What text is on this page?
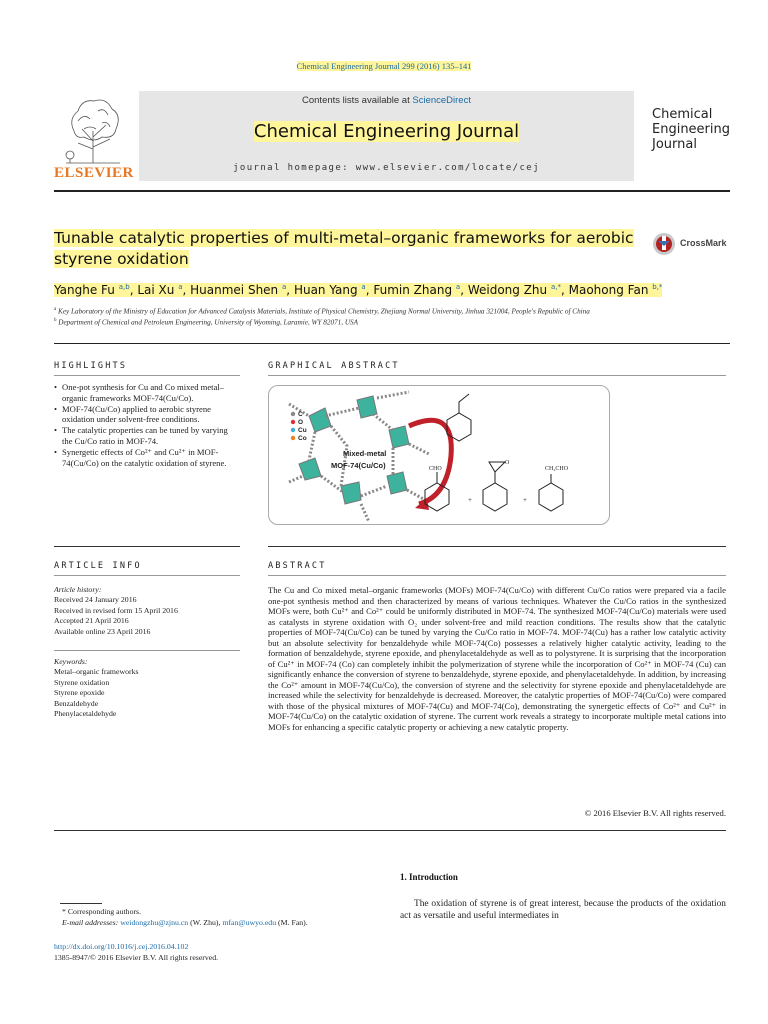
Chemical Engineering Journal 299 (2016) 135–141
ELSEVIER
Contents lists available at ScienceDirect
Chemical Engineering Journal
journal homepage: www.elsevier.com/locate/cej
Chemical
Engineering
Journal
Tunable catalytic properties of multi-metal–organic frameworks for aerobic styrene oxidation
CrossMark
Yanghe Fu $^{a,b}$, Lai Xu $^a$, Huanmei Shen $^a$, Huan Yang $^a$, Fumin Zhang $^a$, Weidong Zhu $^{a,*}$, Maohong Fan $^{b,*}$
$^a$ Key Laboratory of the Ministry of Education for Advanced Catalysis Materials, Institute of Physical Chemistry, Zhejiang Normal University, Jinhua 321004, People's Republic of China
$^b$ Department of Chemical and Petroleum Engineering, University of Wyoming, Laramie, WY 82071, USA
HIGHLIGHTS
• One-pot synthesis for Cu and Co mixed metal–organic frameworks MOF-74(Cu/Co).
• MOF-74(Cu/Co) applied to aerobic styrene oxidation under solvent-free conditions.
• The catalytic properties can be tuned by varying the Cu/Co ratio in MOF-74.
• Synergetic effects of Co²⁺ and Cu²⁺ in MOF-74(Cu/Co) on the catalytic oxidation of styrene.
GRAPHICAL ABSTRACT
C
O
Cu
Co
Mixed-metal
MOF-74(Cu/Co)	CHO
+
O
+
CH₂CHO
ARTICLE INFO
Article history:
Received 24 January 2016
Received in revised form 15 April 2016
Accepted 21 April 2016
Available online 23 April 2016
Keywords:
Metal–organic frameworks
Styrene oxidation
Styrene epoxide
Benzaldehyde
Phenylacetaldehyde
ABSTRACT
The Cu and Co mixed metal–organic frameworks (MOFs) MOF-74(Cu/Co) with different Cu/Co ratios were prepared via a facile one-pot synthesis method and then characterized by means of various techniques. Whatever the Cu/Co ratios in the synthesized MOFs were, both Cu²⁺ and Co²⁺ could be uniformly distributed in MOF-74. The synthesized MOF-74(Cu/Co) materials were used as catalysts in styrene oxidation with O₂ under solvent-free and mild reaction conditions. The results show that the catalytic properties of MOF-74(Cu/Co) can be tuned by varying the Cu/Co ratio in MOF-74. MOF-74(Cu) has a rather low catalytic activity but an absolute selectivity for benzaldehyde while MOF-74(Co) possesses a relatively higher catalytic activity, leading to the formation of benzaldehyde, styrene epoxide, and phenylacetaldehyde as well as to polystyrene. It is surprising that the incorporation of Cu²⁺ in MOF-74 (Co) can completely inhibit the polymerization of styrene while the incorporation of Co²⁺ in MOF-74 (Cu) can significantly enhance the conversion of styrene to benzaldehyde, styrene epoxide, and phenylacetaldehyde. In addition, by increasing the Co²⁺ amount in MOF-74(Cu/Co), the conversion of styrene and the selectivity for styrene epoxide and phenylacetaldehyde are increased while the selectivity for benzaldehyde is decreased. Moreover, the catalytic properties of MOF-74(Cu/Co) were compared with those of the physical mixtures of MOF-74(Cu) and MOF-74(Co), demonstrating the synergetic effects of Co²⁺ and Cu²⁺ in MOF-74(Cu/Co) on the catalytic oxidation of styrene. The current work reveals a strategy to incorporate multiple metal cations into MOFs for enhancing a specific catalytic property or achieving a new catalytic property.
© 2016 Elsevier B.V. All rights reserved.
1. Introduction
The oxidation of styrene is of great interest, because the products of the oxidation act as versatile and useful intermediates in
* Corresponding authors.
E-mail addresses: weidongzhu@zjnu.cn (W. Zhu), mfan@uwyo.edu (M. Fan).
http://dx.doi.org/10.1016/j.cej.2016.04.102
1385-8947/© 2016 Elsevier B.V. All rights reserved.
